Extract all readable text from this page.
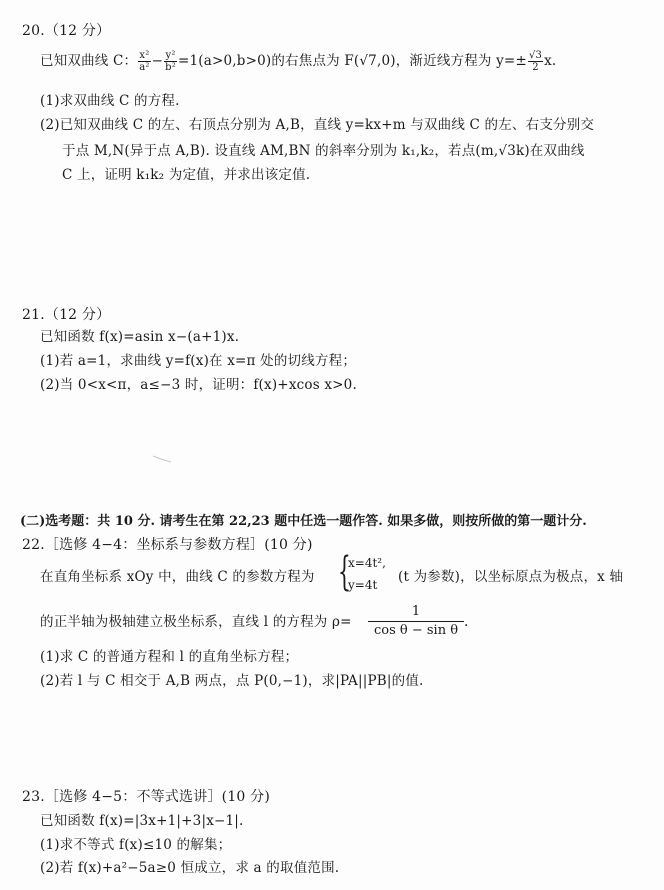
20.（12 分）
已知双曲线 C： $\frac{\text{x²}}{\text{a²}} - \frac{\text{y²}}{\text{b²}} =1(a>0,b>0)$的右焦点为 F(√7,0)，渐近线方程为 $y=\pm \frac{√3}{2} x$.
(1)求双曲线 C 的方程.
(2)已知双曲线 C 的左、右顶点分别为 A,B，直线 y=kx+m 与双曲线 C 的左、右支分别交
于点 M,N(异于点 A,B). 设直线 AM,BN 的斜率分别为 k₁,k₂，若点(m,√3k)在双曲线
C 上，证明 k₁k₂ 为定值，并求出该定值.
21.（12 分）
已知函数 f(x)=asin x−(a+1)x.
(1)若 a=1，求曲线 y=f(x)在 x=π 处的切线方程；
(2)当 0<x<π，a≤−3 时，证明：f(x)+xcos x>0.
(二)选考题：共 10 分. 请考生在第 22,23 题中任选一题作答. 如果多做，则按所做的第一题计分.
22.［选修 4−4：坐标系与参数方程］(10 分)
在直角坐标系 xOy 中，曲线 C 的参数方程为 {
x=4t²,
y=4t (t 为参数)，以坐标原点为极点，x 轴
的正半轴为极轴建立极坐标系，直线 l 的方程为 $\rho= \frac{1}{\text{cos θ − sin θ}}$ .
(1)求 C 的普通方程和 l 的直角坐标方程；
(2)若 l 与 C 相交于 A,B 两点，点 P(0,−1)，求|PA||PB|的值.
23.［选修 4−5：不等式选讲］(10 分)
已知函数 f(x)=|3x+1|+3|x−1|.
(1)求不等式 f(x)≤10 的解集；
(2)若 f(x)+a²−5a≥0 恒成立，求 a 的取值范围.
